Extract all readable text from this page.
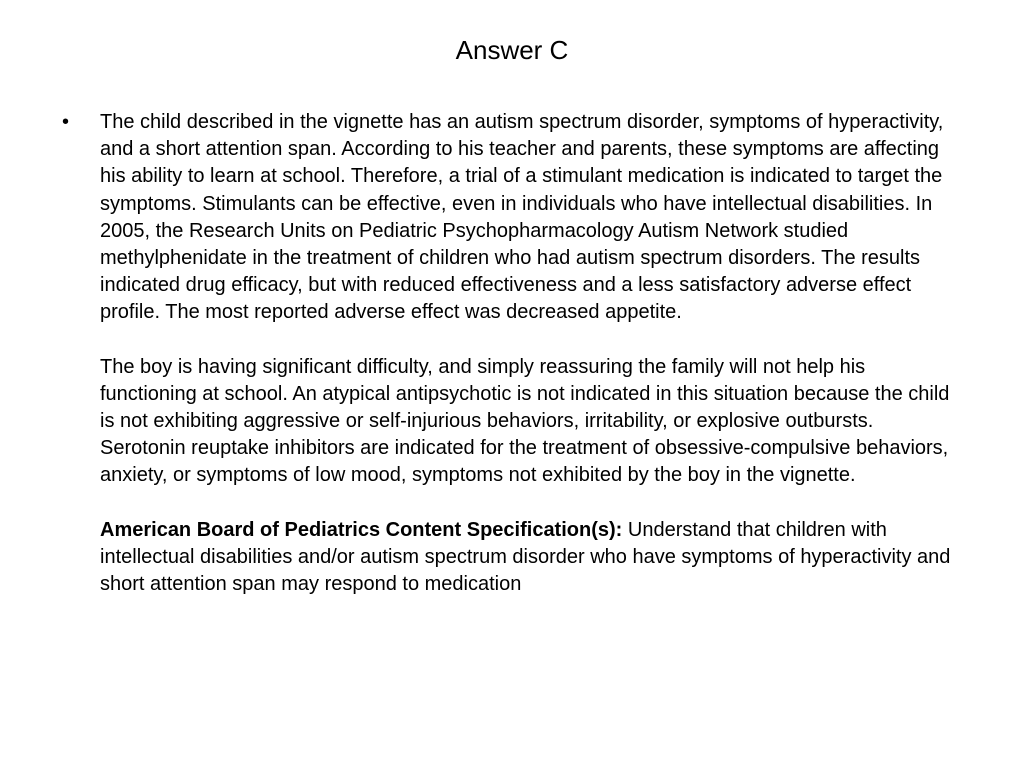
Answer C
• The child described in the vignette has an autism spectrum disorder, symptoms of hyperactivity, and a short attention span. According to his teacher and parents, these symptoms are affecting his ability to learn at school. Therefore, a trial of a stimulant medication is indicated to target the symptoms. Stimulants can be effective, even in individuals who have intellectual disabilities. In 2005, the Research Units on Pediatric Psychopharmacology Autism Network studied methylphenidate in the treatment of children who had autism spectrum disorders. The results indicated drug efficacy, but with reduced effectiveness and a less satisfactory adverse effect profile. The most reported adverse effect was decreased appetite.

The boy is having significant difficulty, and simply reassuring the family will not help his functioning at school. An atypical antipsychotic is not indicated in this situation because the child is not exhibiting aggressive or self-injurious behaviors, irritability, or explosive outbursts. Serotonin reuptake inhibitors are indicated for the treatment of obsessive-compulsive behaviors, anxiety, or symptoms of low mood, symptoms not exhibited by the boy in the vignette.

American Board of Pediatrics Content Specification(s): Understand that children with intellectual disabilities and/or autism spectrum disorder who have symptoms of hyperactivity and short attention span may respond to medication
